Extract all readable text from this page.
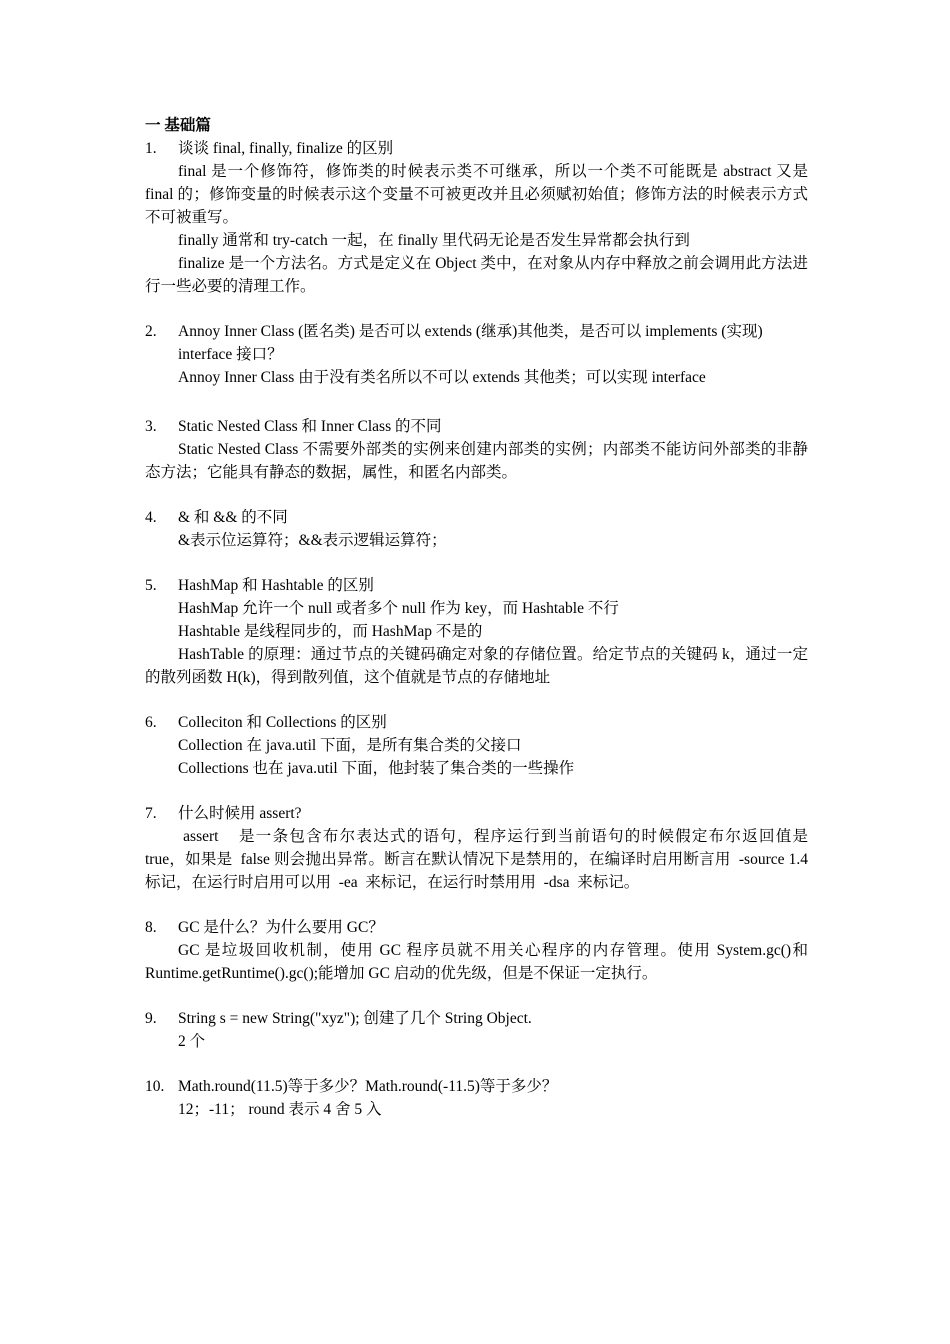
一 基础篇
1.	谈谈 final, finally, finalize 的区别
final 是一个修饰符，修饰类的时候表示类不可继承，所以一个类不可能既是 abstract 又是 final 的；修饰变量的时候表示这个变量不可被更改并且必须赋初始值；修饰方法的时候表示方式不可被重写。
finally 通常和 try-catch 一起，在 finally 里代码无论是否发生异常都会执行到
finalize 是一个方法名。方式是定义在 Object 类中，在对象从内存中释放之前会调用此方法进行一些必要的清理工作。
2.	Annoy Inner Class (匿名类) 是否可以 extends (继承)其他类，是否可以 implements (实现) interface 接口？
Annoy Inner Class 由于没有类名所以不可以 extends 其他类；可以实现 interface
3.	Static Nested Class 和 Inner Class 的不同
Static Nested Class 不需要外部类的实例来创建内部类的实例；内部类不能访问外部类的非静态方法；它能具有静态的数据，属性，和匿名内部类。
4.	& 和 && 的不同
&表示位运算符；&&表示逻辑运算符；
5.	HashMap 和 Hashtable 的区别
HashMap 允许一个 null 或者多个 null 作为 key，而 Hashtable 不行
Hashtable 是线程同步的，而 HashMap 不是的
HashTable 的原理：通过节点的关键码确定对象的存储位置。给定节点的关键码 k，通过一定的散列函数 H(k)，得到散列值，这个值就是节点的存储地址
6.	Colleciton 和 Collections 的区别
Collection 在 java.util 下面，是所有集合类的父接口
Collections 也在 java.util 下面，他封装了集合类的一些操作
7.	什么时候用 assert?
assert    是一条包含布尔表达式的语句，程序运行到当前语句的时候假定布尔返回值是    true，如果是  false 则会抛出异常。断言在默认情况下是禁用的，在编译时启用断言用  -source 1.4  标记，在运行时启用可以用  -ea  来标记，在运行时禁用用  -dsa  来标记。
8.	GC 是什么？为什么要用 GC？
GC 是垃圾回收机制，使用 GC 程序员就不用关心程序的内存管理。使用 System.gc()和 Runtime.getRuntime().gc();能增加 GC 启动的优先级，但是不保证一定执行。
9.	String s = new String("xyz"); 创建了几个 String Object.
2 个
10. Math.round(11.5)等于多少？Math.round(-11.5)等于多少？
12；-11； round 表示 4 舍 5 入
